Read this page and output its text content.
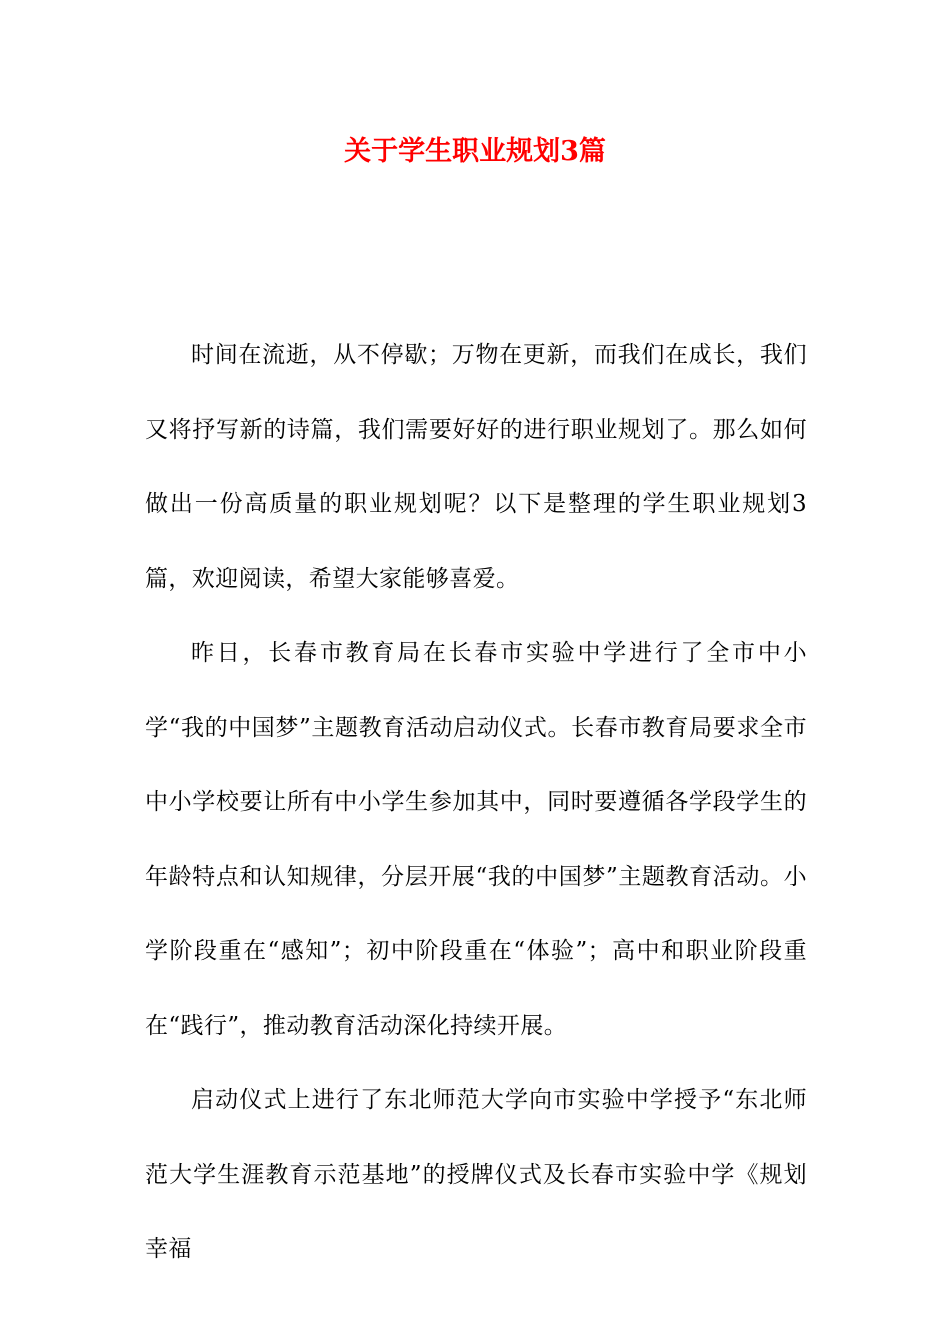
关于学生职业规划3篇

时间在流逝，从不停歇；万物在更新，而我们在成长，我们又将抒写新的诗篇，我们需要好好的进行职业规划了。那么如何做出一份高质量的职业规划呢？以下是整理的学生职业规划3篇，欢迎阅读，希望大家能够喜爱。

昨日，长春市教育局在长春市实验中学进行了全市中小学“我的中国梦”主题教育活动启动仪式。长春市教育局要求全市中小学校要让所有中小学生参加其中，同时要遵循各学段学生的年龄特点和认知规律，分层开展“我的中国梦”主题教育活动。小学阶段重在“感知”；初中阶段重在“体验”；高中和职业阶段重在“践行”，推动教育活动深化持续开展。

启动仪式上进行了东北师范大学向市实验中学授予“东北师范大学生涯教育示范基地”的授牌仪式及长春市实验中学《规划幸福
